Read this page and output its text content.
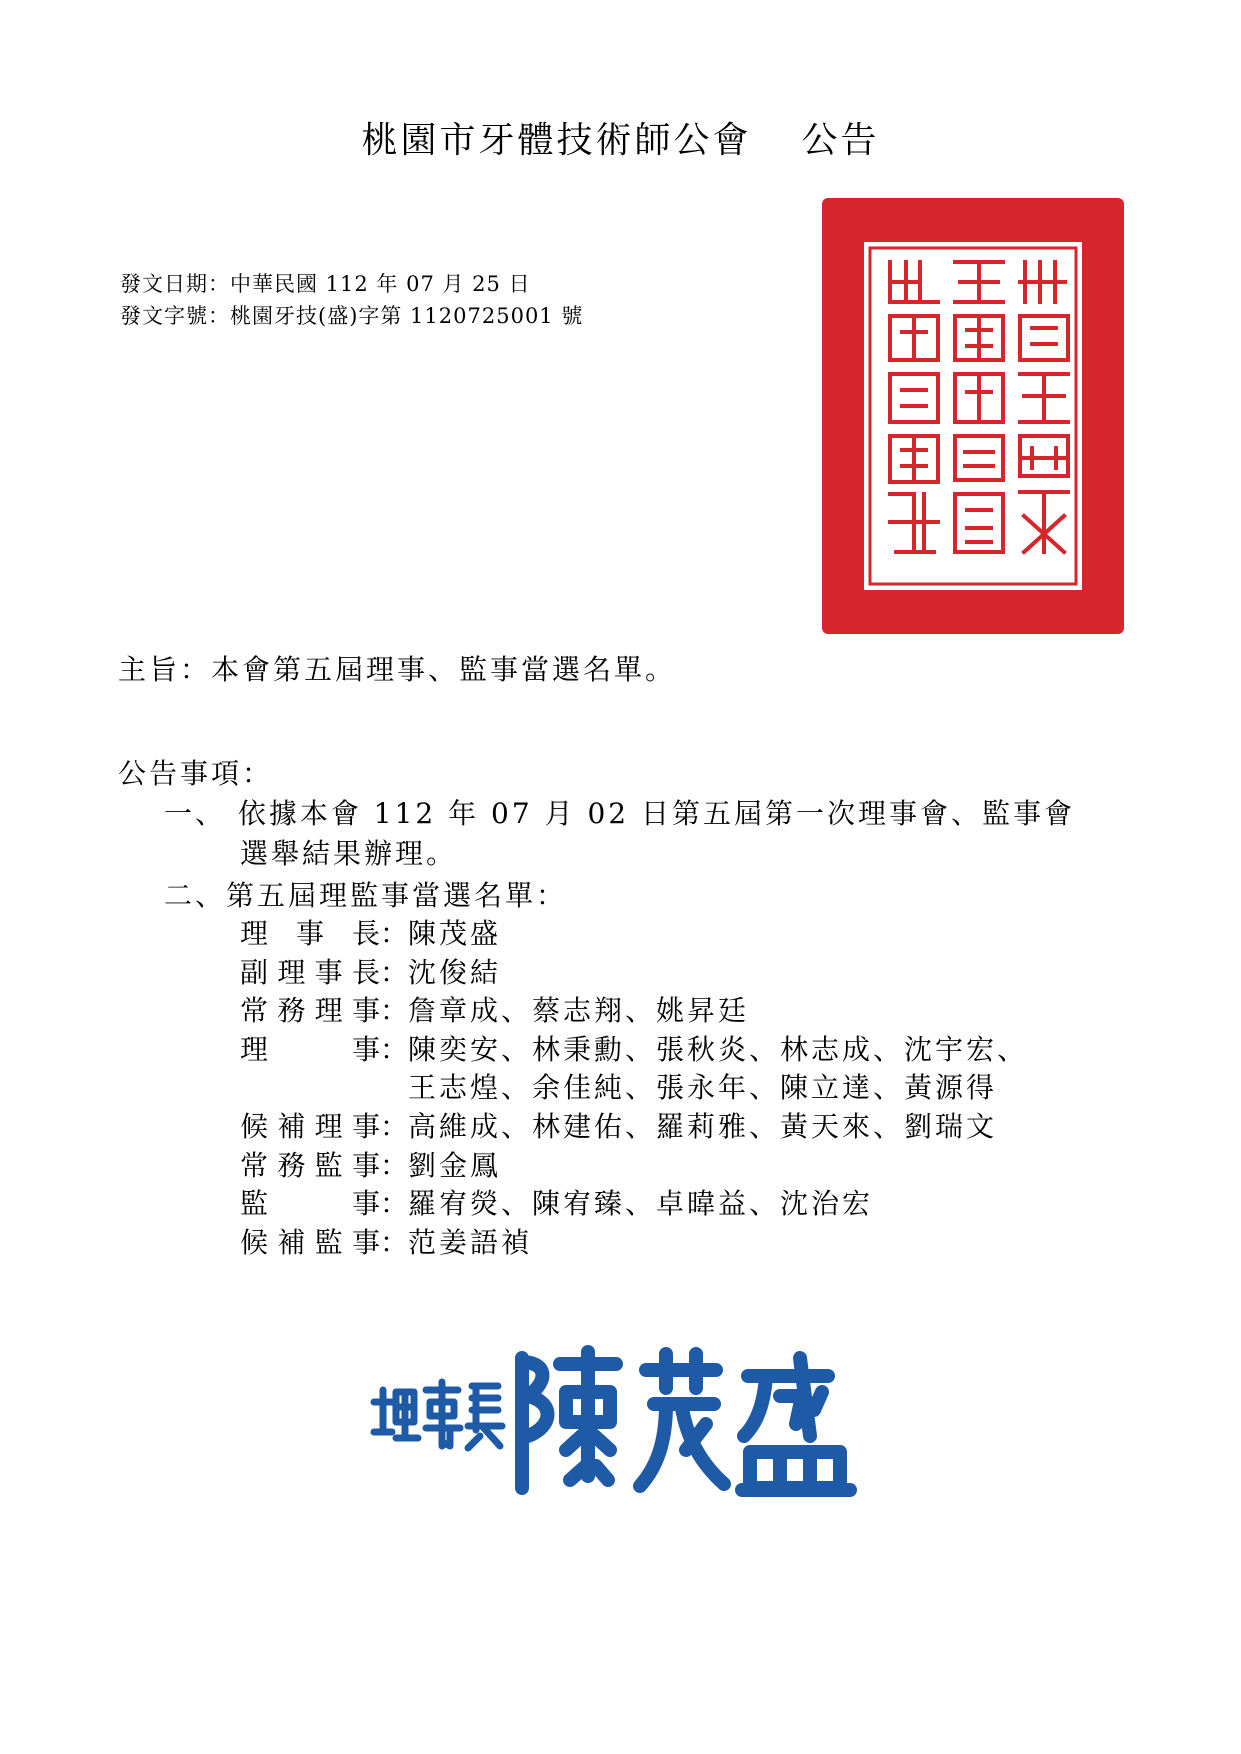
桃園市牙體技術師公會 公告
發文日期：中華民國 112 年 07 月 25 日
發文字號：桃園牙技(盛)字第 1120725001 號
主旨：本會第五屆理事、監事當選名單。
公告事項：
一、 依據本會 112 年 07 月 02 日第五屆第一次理事會、監事會
選舉結果辦理。
二、第五屆理監事當選名單：
理 事 長 ： 陳茂盛
副 理 事 長 ： 沈俊結
常 務 理 事 ： 詹章成、蔡志翔、姚昇廷
理	事 ： 陳奕安、林秉勳、張秋炎、林志成、沈宇宏、
王志煌、余佳純、張永年、陳立達、黃源得
候 補 理 事 ： 高維成、林建佑、羅莉雅、黃天來、劉瑞文
常 務 監 事 ： 劉金鳳
監	事 ： 羅宥熒、陳宥臻、卓暐益、沈治宏
候 補 監 事 ： 范姜語禎
